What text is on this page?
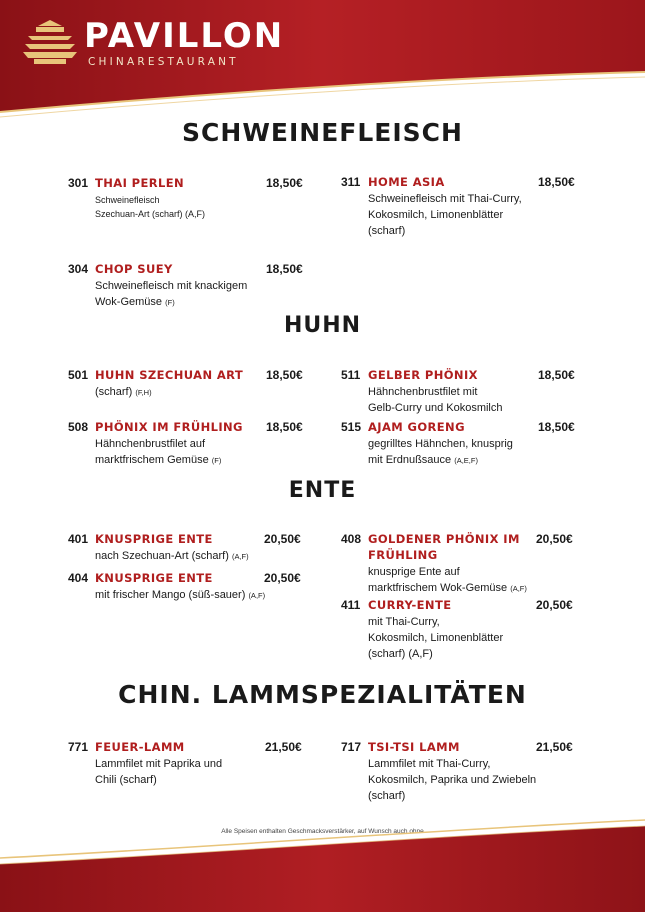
PAVILLON
CHINARESTAURANT
SCHWEINEFLEISCH
301 THAI PERLEN	18,50€
Schweinefleisch
Szechuan-Art (scharf) (A,F)
311 HOME ASIA	18,50€
Schweinefleisch mit Thai-Curry,
Kokosmilch, Limonenblätter
(scharf)
304 CHOP SUEY	18,50€
Schweinefleisch mit knackigem
Wok-Gemüse (F)
HUHN
501 HUHN SZECHUAN ART 18,50€
(scharf) (F,H)
511 GELBER PHÖNIX	18,50€
Hähnchenbrustfilet mit
Gelb-Curry und Kokosmilch
508 PHÖNIX IM FRÜHLING 18,50€
Hähnchenbrustfilet auf
marktfrischem Gemüse (F)
515 AJAM GORENG	18,50€
gegrilltes Hähnchen, knusprig
mit Erdnußsauce (A,E,F)
ENTE
401 KNUSPRIGE ENTE	20,50€
nach Szechuan-Art (scharf) (A,F)
404 KNUSPRIGE ENTE	20,50€
mit frischer Mango (süß-sauer) (A,F)
408 GOLDENER PHÖNIX IM 20,50€
FRÜHLING
knusprige Ente auf
marktfrischem Wok-Gemüse (A,F)
411 CURRY-ENTE	20,50€
mit Thai-Curry,
Kokosmilch, Limonenblätter
(scharf) (A,F)
CHIN. LAMMSPEZIALITÄTEN
771 FEUER-LAMM	21,50€
Lammfilet mit Paprika und
Chili (scharf)
717 TSI-TSI LAMM	21,50€
Lammfilet mit Thai-Curry,
Kokosmilch, Paprika und Zwiebeln
(scharf)
Alle Speisen enthalten Geschmacksverstärker, auf Wunsch auch ohne
